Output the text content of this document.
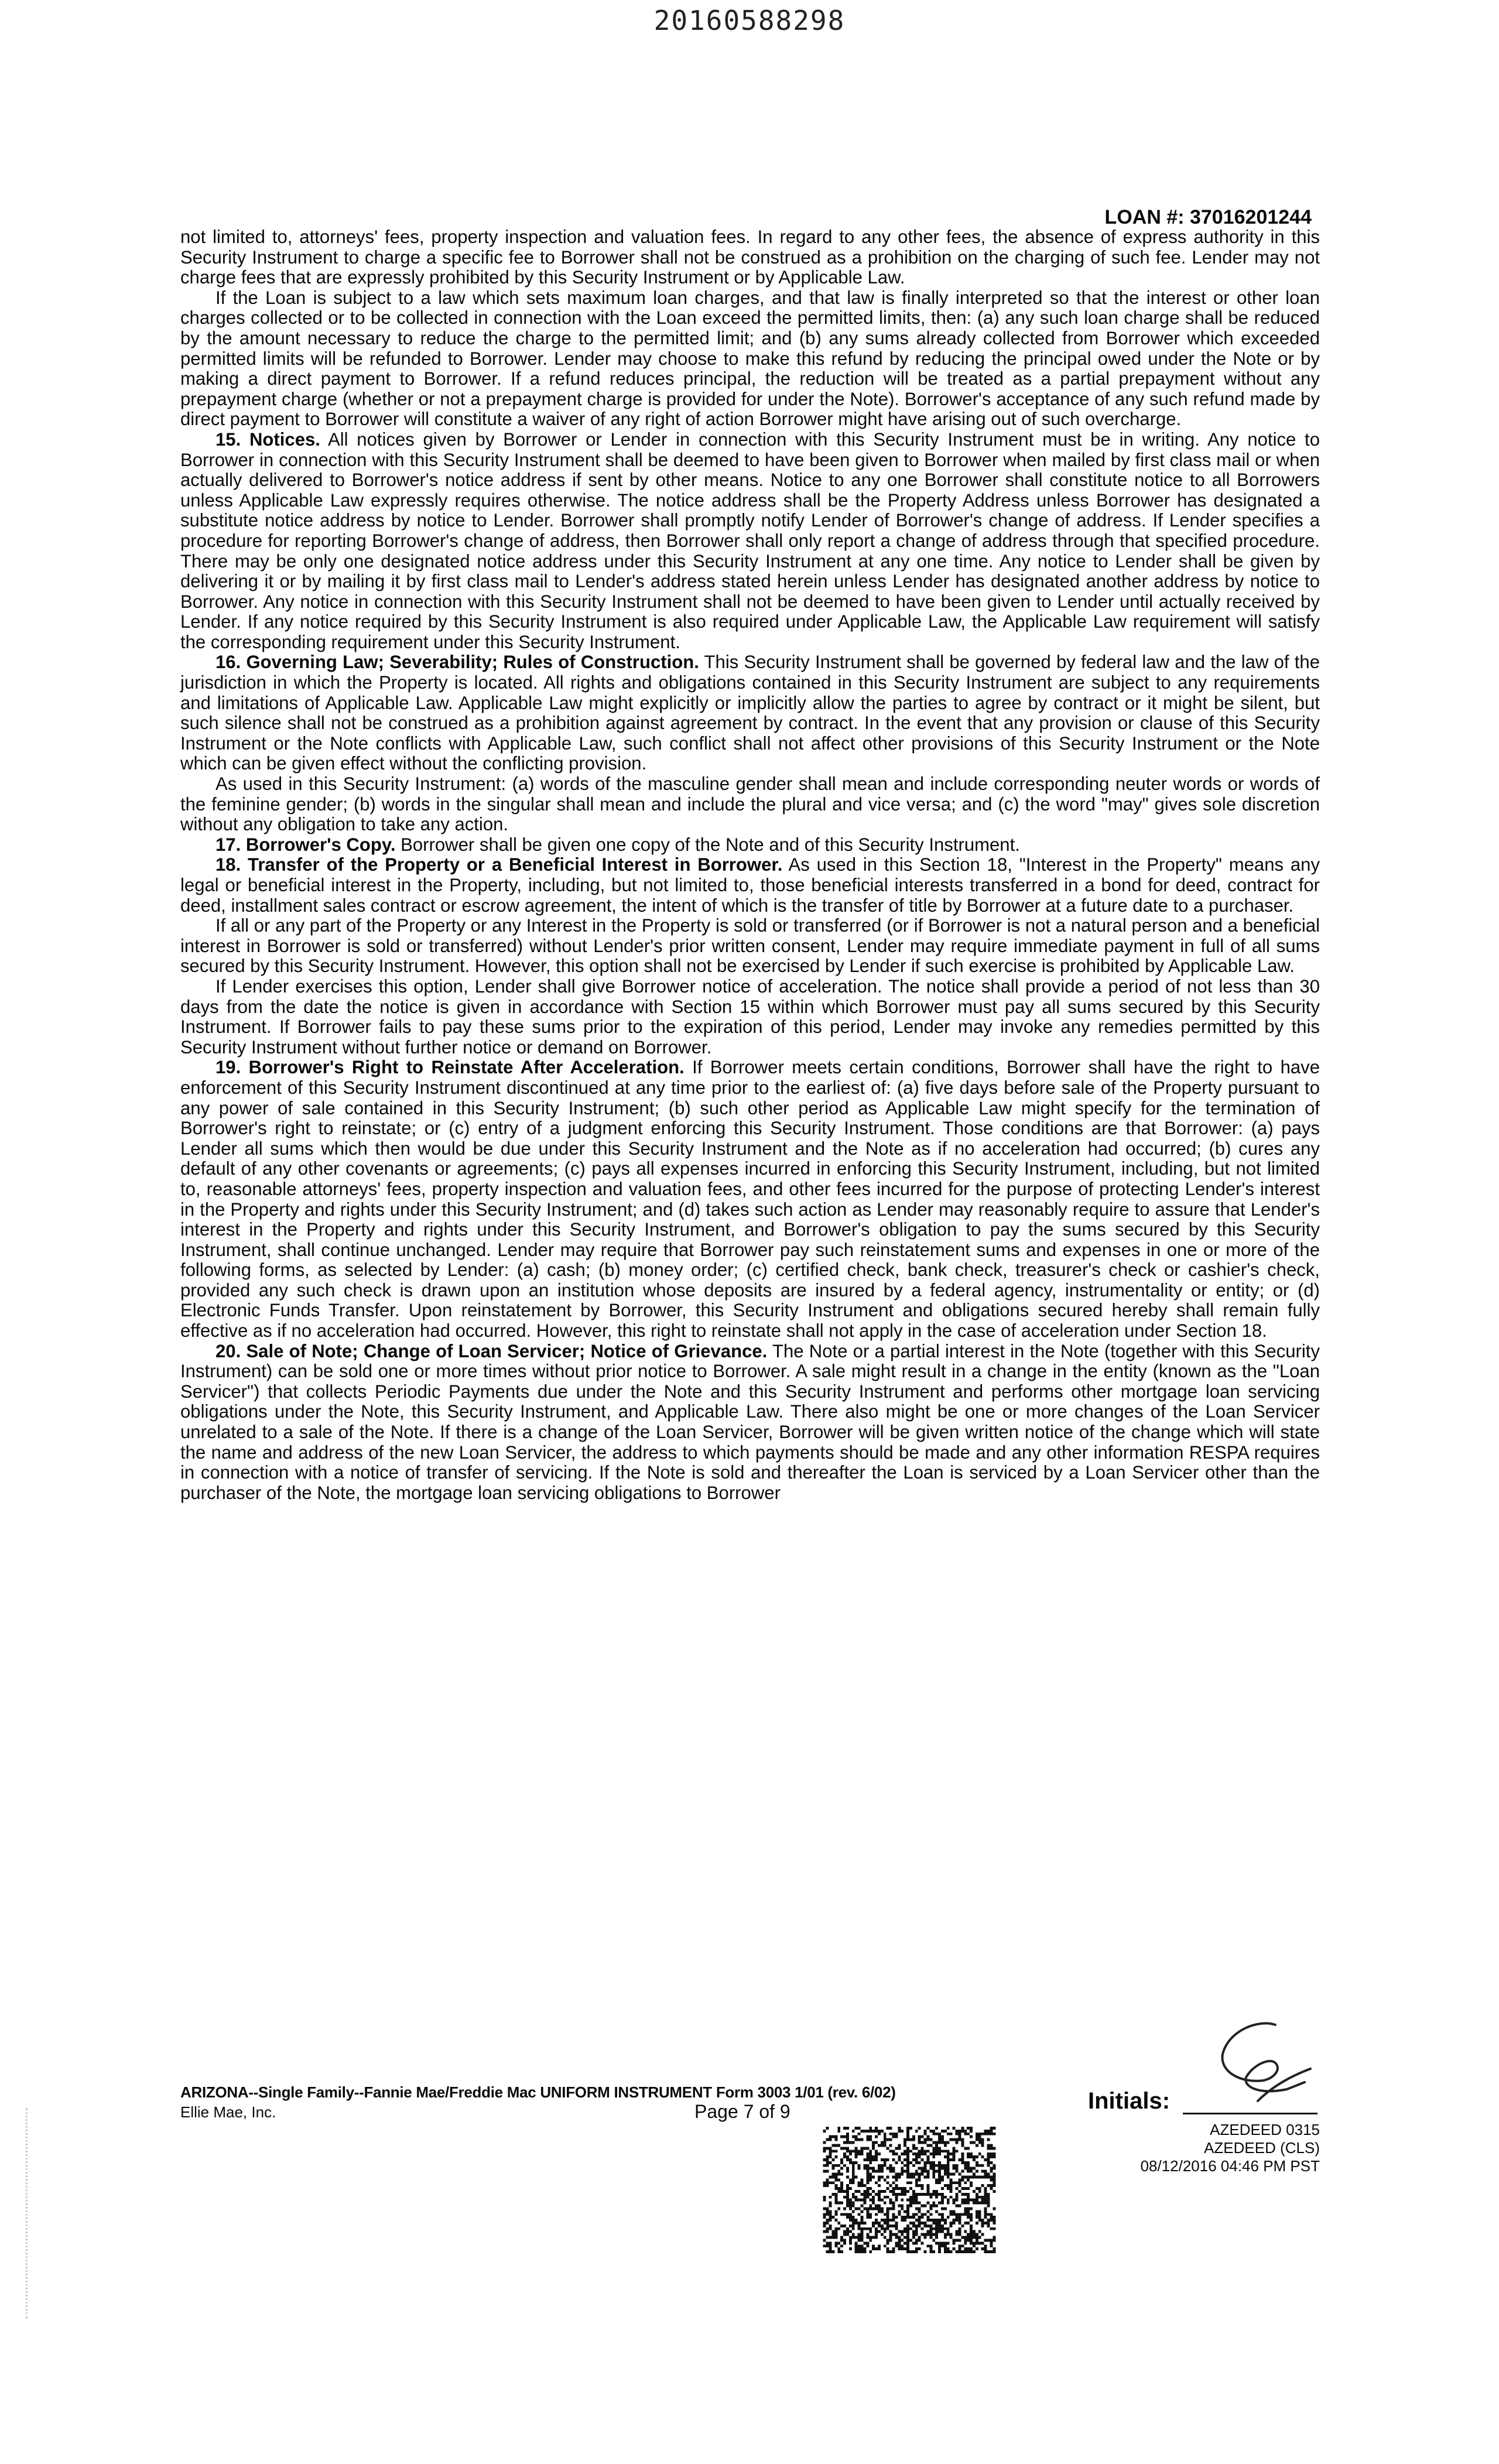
20160588298
LOAN #: 37016201244

not limited to, attorneys' fees, property inspection and valuation fees. In regard to any other fees, the absence of express authority in this Security Instrument to charge a specific fee to Borrower shall not be construed as a prohibition on the charging of such fee. Lender may not charge fees that are expressly prohibited by this Security Instrument or by Applicable Law.

If the Loan is subject to a law which sets maximum loan charges, and that law is finally interpreted so that the interest or other loan charges collected or to be collected in connection with the Loan exceed the permitted limits, then: (a) any such loan charge shall be reduced by the amount necessary to reduce the charge to the permitted limit; and (b) any sums already collected from Borrower which exceeded permitted limits will be refunded to Borrower. Lender may choose to make this refund by reducing the principal owed under the Note or by making a direct payment to Borrower. If a refund reduces principal, the reduction will be treated as a partial prepayment without any prepayment charge (whether or not a prepayment charge is provided for under the Note). Borrower's acceptance of any such refund made by direct payment to Borrower will constitute a waiver of any right of action Borrower might have arising out of such overcharge.

15. Notices. All notices given by Borrower or Lender in connection with this Security Instrument must be in writing. Any notice to Borrower in connection with this Security Instrument shall be deemed to have been given to Borrower when mailed by first class mail or when actually delivered to Borrower's notice address if sent by other means. Notice to any one Borrower shall constitute notice to all Borrowers unless Applicable Law expressly requires otherwise. The notice address shall be the Property Address unless Borrower has designated a substitute notice address by notice to Lender. Borrower shall promptly notify Lender of Borrower's change of address. If Lender specifies a procedure for reporting Borrower's change of address, then Borrower shall only report a change of address through that specified procedure. There may be only one designated notice address under this Security Instrument at any one time. Any notice to Lender shall be given by delivering it or by mailing it by first class mail to Lender's address stated herein unless Lender has designated another address by notice to Borrower. Any notice in connection with this Security Instrument shall not be deemed to have been given to Lender until actually received by Lender. If any notice required by this Security Instrument is also required under Applicable Law, the Applicable Law requirement will satisfy the corresponding requirement under this Security Instrument.

16. Governing Law; Severability; Rules of Construction. This Security Instrument shall be governed by federal law and the law of the jurisdiction in which the Property is located. All rights and obligations contained in this Security Instrument are subject to any requirements and limitations of Applicable Law. Applicable Law might explicitly or implicitly allow the parties to agree by contract or it might be silent, but such silence shall not be construed as a prohibition against agreement by contract. In the event that any provision or clause of this Security Instrument or the Note conflicts with Applicable Law, such conflict shall not affect other provisions of this Security Instrument or the Note which can be given effect without the conflicting provision.

As used in this Security Instrument: (a) words of the masculine gender shall mean and include corresponding neuter words or words of the feminine gender; (b) words in the singular shall mean and include the plural and vice versa; and (c) the word "may" gives sole discretion without any obligation to take any action.

17. Borrower's Copy. Borrower shall be given one copy of the Note and of this Security Instrument.

18. Transfer of the Property or a Beneficial Interest in Borrower. As used in this Section 18, "Interest in the Property" means any legal or beneficial interest in the Property, including, but not limited to, those beneficial interests transferred in a bond for deed, contract for deed, installment sales contract or escrow agreement, the intent of which is the transfer of title by Borrower at a future date to a purchaser.

If all or any part of the Property or any Interest in the Property is sold or transferred (or if Borrower is not a natural person and a beneficial interest in Borrower is sold or transferred) without Lender's prior written consent, Lender may require immediate payment in full of all sums secured by this Security Instrument. However, this option shall not be exercised by Lender if such exercise is prohibited by Applicable Law.

If Lender exercises this option, Lender shall give Borrower notice of acceleration. The notice shall provide a period of not less than 30 days from the date the notice is given in accordance with Section 15 within which Borrower must pay all sums secured by this Security Instrument. If Borrower fails to pay these sums prior to the expiration of this period, Lender may invoke any remedies permitted by this Security Instrument without further notice or demand on Borrower.

19. Borrower's Right to Reinstate After Acceleration. If Borrower meets certain conditions, Borrower shall have the right to have enforcement of this Security Instrument discontinued at any time prior to the earliest of: (a) five days before sale of the Property pursuant to any power of sale contained in this Security Instrument; (b) such other period as Applicable Law might specify for the termination of Borrower's right to reinstate; or (c) entry of a judgment enforcing this Security Instrument. Those conditions are that Borrower: (a) pays Lender all sums which then would be due under this Security Instrument and the Note as if no acceleration had occurred; (b) cures any default of any other covenants or agreements; (c) pays all expenses incurred in enforcing this Security Instrument, including, but not limited to, reasonable attorneys' fees, property inspection and valuation fees, and other fees incurred for the purpose of protecting Lender's interest in the Property and rights under this Security Instrument; and (d) takes such action as Lender may reasonably require to assure that Lender's interest in the Property and rights under this Security Instrument, and Borrower's obligation to pay the sums secured by this Security Instrument, shall continue unchanged. Lender may require that Borrower pay such reinstatement sums and expenses in one or more of the following forms, as selected by Lender: (a) cash; (b) money order; (c) certified check, bank check, treasurer's check or cashier's check, provided any such check is drawn upon an institution whose deposits are insured by a federal agency, instrumentality or entity; or (d) Electronic Funds Transfer. Upon reinstatement by Borrower, this Security Instrument and obligations secured hereby shall remain fully effective as if no acceleration had occurred. However, this right to reinstate shall not apply in the case of acceleration under Section 18.

20. Sale of Note; Change of Loan Servicer; Notice of Grievance. The Note or a partial interest in the Note (together with this Security Instrument) can be sold one or more times without prior notice to Borrower. A sale might result in a change in the entity (known as the "Loan Servicer") that collects Periodic Payments due under the Note and this Security Instrument and performs other mortgage loan servicing obligations under the Note, this Security Instrument, and Applicable Law. There also might be one or more changes of the Loan Servicer unrelated to a sale of the Note. If there is a change of the Loan Servicer, Borrower will be given written notice of the change which will state the name and address of the new Loan Servicer, the address to which payments should be made and any other information RESPA requires in connection with a notice of transfer of servicing. If the Note is sold and thereafter the Loan is serviced by a Loan Servicer other than the purchaser of the Note, the mortgage loan servicing obligations to Borrower

ARIZONA--Single Family--Fannie Mae/Freddie Mac UNIFORM INSTRUMENT Form 3003 1/01 (rev. 6/02)
Ellie Mae, Inc.	Page 7 of 9	Initials:
AZEDEED 0315
AZEDEED (CLS)
08/12/2016 04:46 PM PST
